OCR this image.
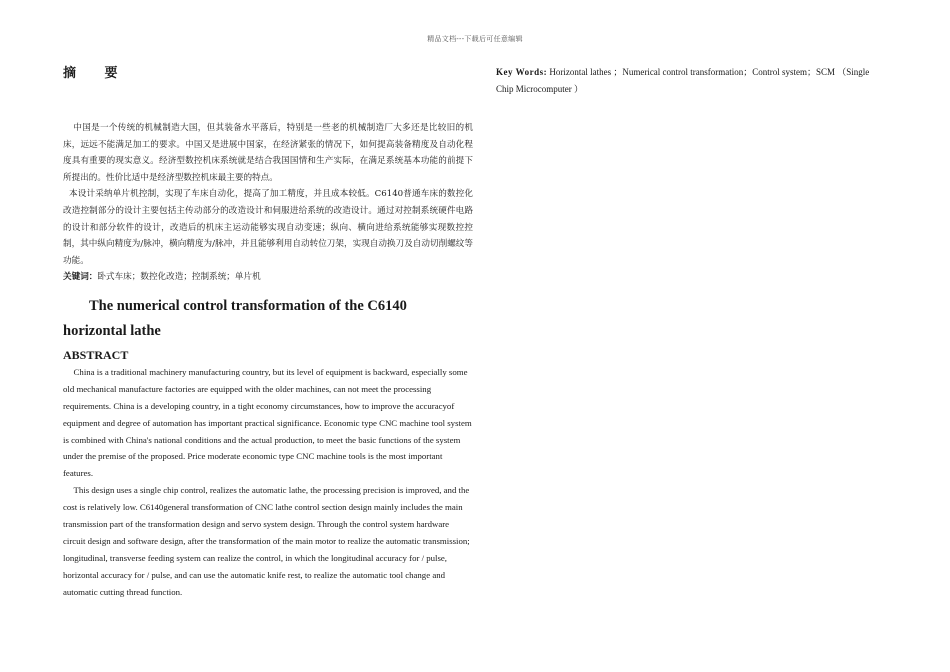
精品文档---下载后可任意编辑
摘 要

中国是一个传统的机械制造大国，但其装备水平落后，特别是一些老的机械制造厂大多还是比较旧的机床，远远不能满足加工的要求。中国又是进展中国家，在经济紧张的情况下，如何提高装备精度及自动化程度具有重要的现实意义。经济型数控机床系统就是结合我国国情和生产实际，在满足系统基本功能的前提下所提出的。性价比适中是经济型数控机床最主要的特点。

本设计采纳单片机控制，实现了车床自动化，提高了加工精度，并且成本较低。C6140普通车床的数控化改造控制部分的设计主要包括主传动部分的改造设计和伺服进给系统的改造设计。通过对控制系统硬件电路的设计和部分软件的设计，改造后的机床主运动能够实现自动变速；纵向、横向进给系统能够实现数控控制，其中纵向精度为/脉冲，横向精度为/脉冲，并且能够利用自动转位刀架，实现自动换刀及自动切削螺纹等功能。

关键词：卧式车床；数控化改造；控制系统；单片机

The numerical control transformation of the C6140
horizontal lathe
ABSTRACT

China is a traditional machinery manufacturing country, but its level of equipment is backward, especially some old mechanical manufacture factories are equipped with the older machines, can not meet the processing requirements. China is a developing country, in a tight economy circumstances, how to improve the accuracyof equipment and degree of automation has important practical significance. Economic type CNC machine tool system is combined with China's national conditions and the actual production, to meet the basic functions of the system under the premise of the proposed. Price moderate economic type CNC machine tools is the most important features.

This design uses a single chip control, realizes the automatic lathe, the processing precision is improved, and the cost is relatively low. C6140general transformation of CNC lathe control section design mainly includes the main transmission part of the transformation design and servo system design. Through the control system hardware circuit design and software design, after the transformation of the main motor to realize the automatic transmission; longitudinal, transverse feeding system can realize the control, in which the longitudinal accuracy for / pulse, horizontal accuracy for / pulse, and can use the automatic knife rest, to realize the automatic tool change and automatic cutting thread function.

Key Words: Horizontal lathes ；Numerical control transformation；Control system；SCM （Single Chip Microcomputer ）
